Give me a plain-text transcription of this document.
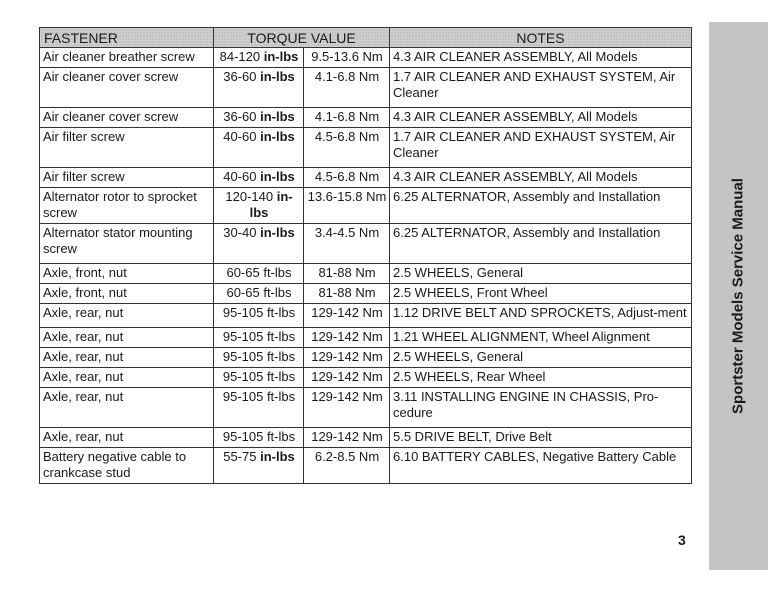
FASTENER	TORQUE VALUE		NOTES
Air cleaner breather screw	84-120 in-lbs	9.5-13.6 Nm	4.3 AIR CLEANER ASSEMBLY, All Models
Air cleaner cover screw	36-60 in-lbs	4.1-6.8 Nm	1.7 AIR CLEANER AND EXHAUST SYSTEM, Air Cleaner
Air cleaner cover screw	36-60 in-lbs	4.1-6.8 Nm	4.3 AIR CLEANER ASSEMBLY, All Models
Air filter screw	40-60 in-lbs	4.5-6.8 Nm	1.7 AIR CLEANER AND EXHAUST SYSTEM, Air Cleaner
Air filter screw	40-60 in-lbs	4.5-6.8 Nm	4.3 AIR CLEANER ASSEMBLY, All Models
Alternator rotor to sprocket screw	120-140 in-lbs	13.6-15.8 Nm	6.25 ALTERNATOR, Assembly and Installation
Alternator stator mounting screw	30-40 in-lbs	3.4-4.5 Nm	6.25 ALTERNATOR, Assembly and Installation
Axle, front, nut	60-65 ft-lbs	81-88 Nm	2.5 WHEELS, General
Axle, front, nut	60-65 ft-lbs	81-88 Nm	2.5 WHEELS, Front Wheel
Axle, rear, nut	95-105 ft-lbs	129-142 Nm	1.12 DRIVE BELT AND SPROCKETS, Adjust-ment
Axle, rear, nut	95-105 ft-lbs	129-142 Nm	1.21 WHEEL ALIGNMENT, Wheel Alignment
Axle, rear, nut	95-105 ft-lbs	129-142 Nm	2.5 WHEELS, General
Axle, rear, nut	95-105 ft-lbs	129-142 Nm	2.5 WHEELS, Rear Wheel
Axle, rear, nut	95-105 ft-lbs	129-142 Nm	3.11 INSTALLING ENGINE IN CHASSIS, Pro-cedure
Axle, rear, nut	95-105 ft-lbs	129-142 Nm	5.5 DRIVE BELT, Drive Belt
Battery negative cable to crankcase stud	55-75 in-lbs	6.2-8.5 Nm	6.10 BATTERY CABLES, Negative Battery Cable
Sportster Models Service Manual
3
